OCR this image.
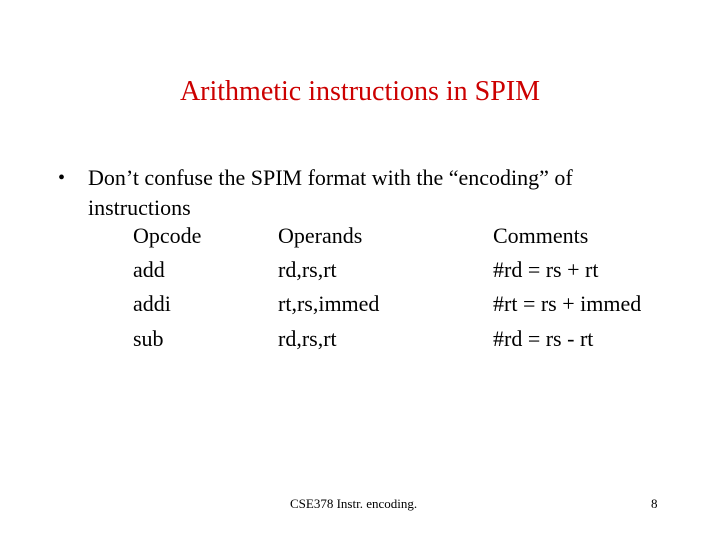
Arithmetic instructions in SPIM
• Don’t confuse the SPIM format with the “encoding” of instructions
Opcode	Operands	Comments
add	rd,rs,rt	#rd = rs + rt
addi	rt,rs,immed	#rt = rs + immed
sub	rd,rs,rt	#rd = rs - rt
CSE378 Instr. encoding.	8
